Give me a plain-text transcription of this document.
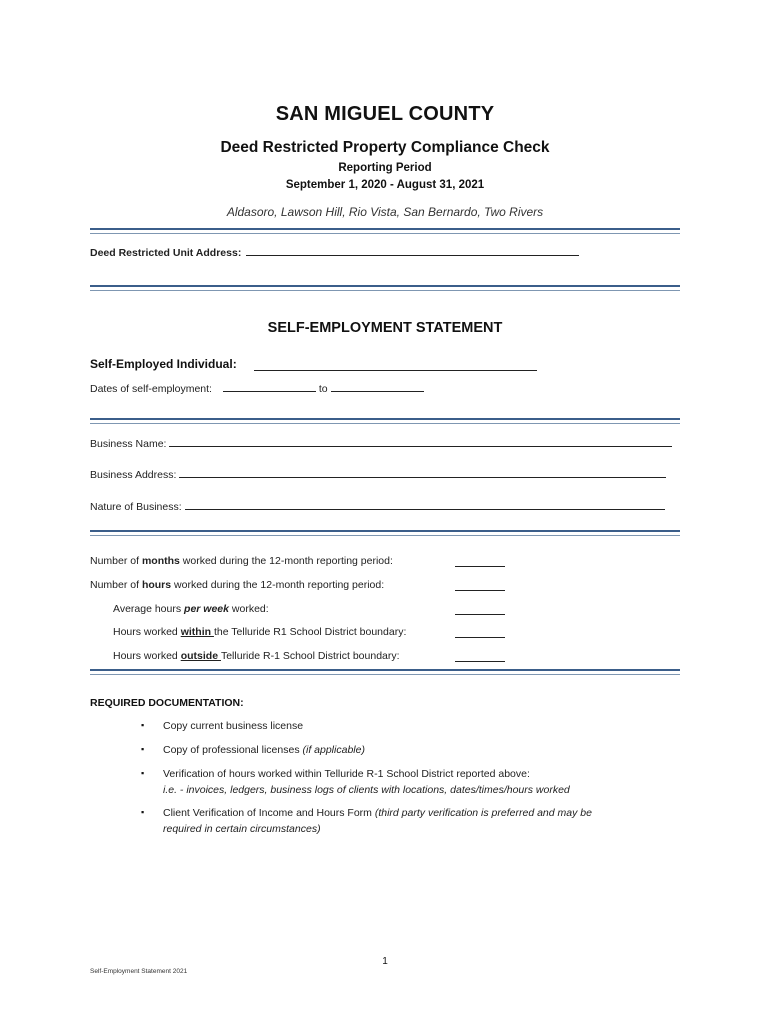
SAN MIGUEL COUNTY
Deed Restricted Property Compliance Check
Reporting Period
September 1, 2020 - August 31, 2021
Aldasoro, Lawson Hill, Rio Vista, San Bernardo, Two Rivers
Deed Restricted Unit Address:
SELF-EMPLOYMENT STATEMENT
Self-Employed Individual:
Dates of self-employment:	to
Business Name:
Business Address:
Nature of Business:
Number of months worked during the 12-month reporting period:
Number of hours worked during the 12-month reporting period:
Average hours per week worked:
Hours worked within the Telluride R1 School District boundary:
Hours worked outside Telluride R-1 School District boundary:
REQUIRED DOCUMENTATION:
▪ Copy current business license
▪ Copy of professional licenses (if applicable)
▪ Verification of hours worked within Telluride R-1 School District reported above:
i.e. - invoices, ledgers, business logs of clients with locations, dates/times/hours worked
▪ Client Verification of Income and Hours Form (third party verification is preferred and may be
required in certain circumstances)
1
Self-Employment Statement 2021
